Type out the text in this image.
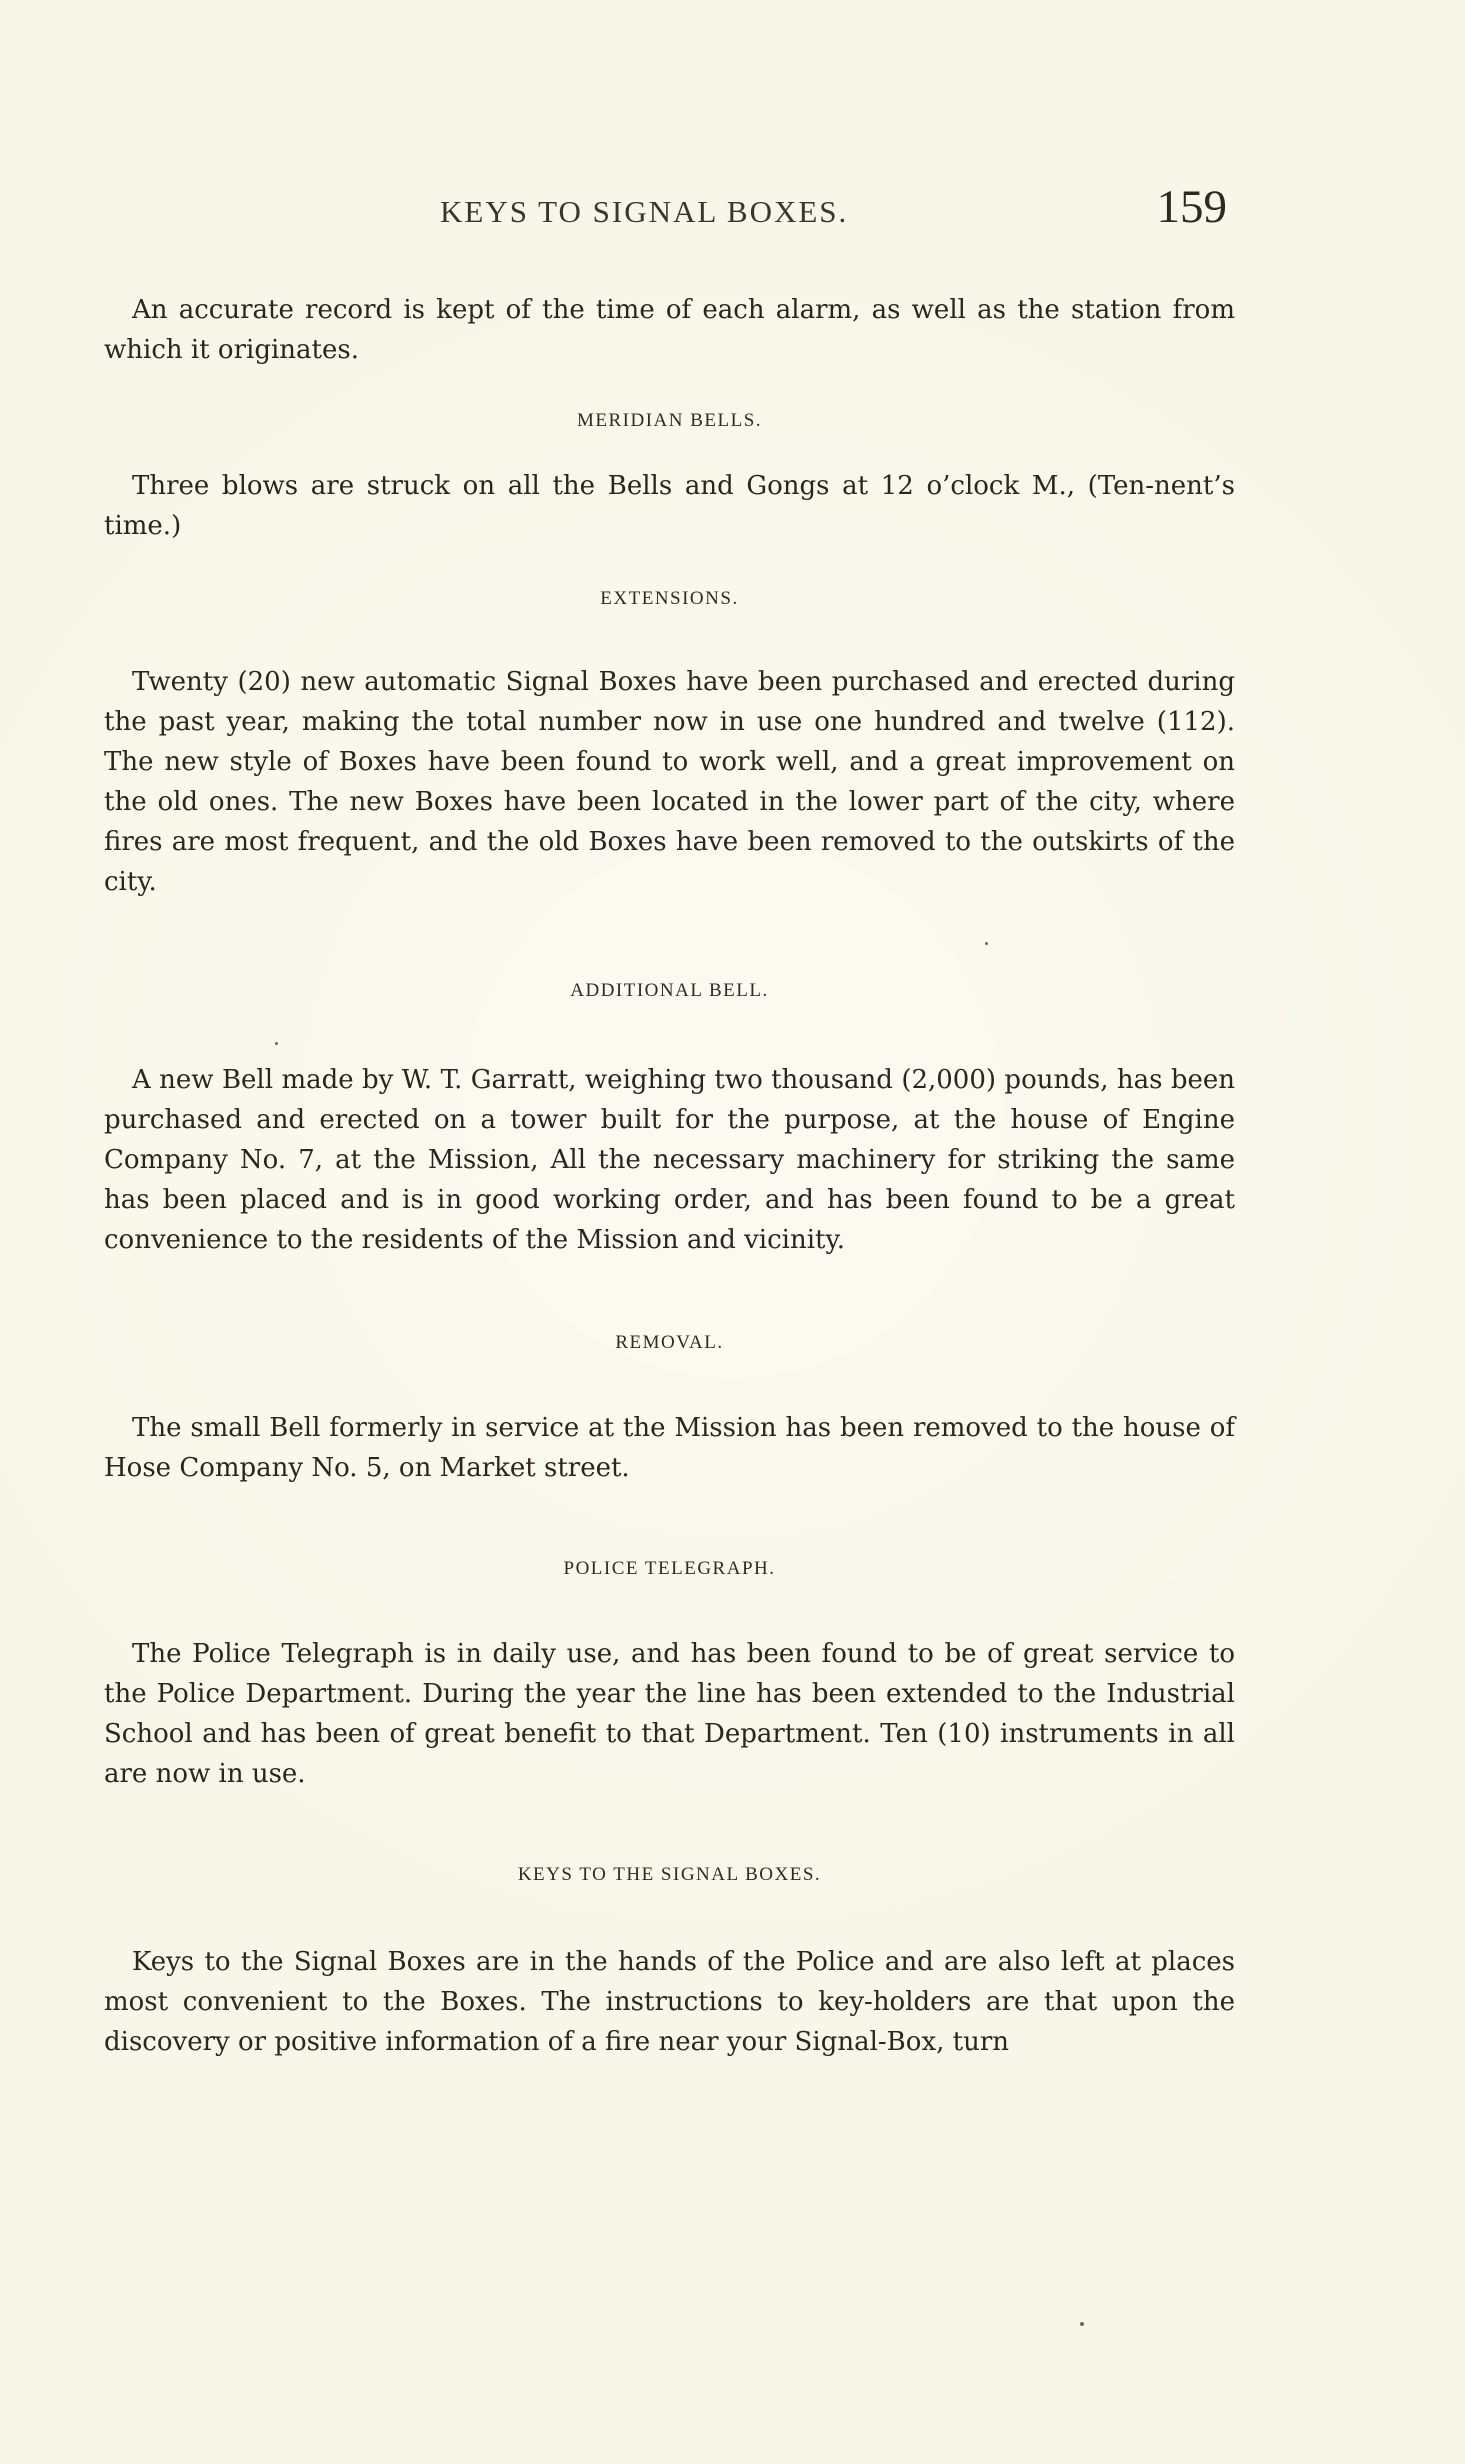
KEYS TO SIGNAL BOXES.	159

An accurate record is kept of the time of each alarm, as well as the station from which it originates.

MERIDIAN BELLS.

Three blows are struck on all the Bells and Gongs at 12 o’clock M., (Ten-nent’s time.)

EXTENSIONS.

Twenty (20) new automatic Signal Boxes have been purchased and erected during the past year, making the total number now in use one hundred and twelve (112). The new style of Boxes have been found to work well, and a great improvement on the old ones. The new Boxes have been located in the lower part of the city, where fires are most frequent, and the old Boxes have been removed to the outskirts of the city.

ADDITIONAL BELL.

A new Bell made by W. T. Garratt, weighing two thousand (2,000) pounds, has been purchased and erected on a tower built for the purpose, at the house of Engine Company No. 7, at the Mission, All the necessary machinery for striking the same has been placed and is in good working order, and has been found to be a great convenience to the residents of the Mission and vicinity.

REMOVAL.

The small Bell formerly in service at the Mission has been removed to the house of Hose Company No. 5, on Market street.

POLICE TELEGRAPH.

The Police Telegraph is in daily use, and has been found to be of great service to the Police Department. During the year the line has been extended to the Industrial School and has been of great benefit to that Department. Ten (10) instruments in all are now in use.

KEYS TO THE SIGNAL BOXES.

Keys to the Signal Boxes are in the hands of the Police and are also left at places most convenient to the Boxes. The instructions to key-holders are that upon the discovery or positive information of a fire near your Signal-Box, turn
